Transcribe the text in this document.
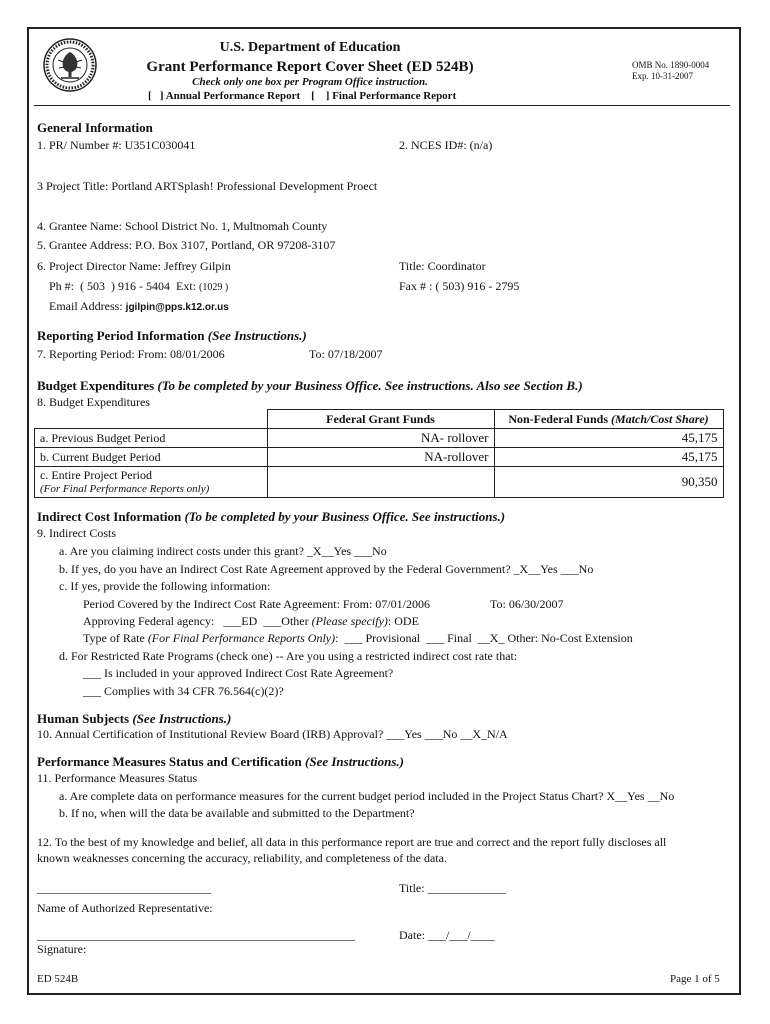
U.S. Department of Education
Grant Performance Report Cover Sheet (ED 524B)
Check only one box per Program Office instruction.
[   ] Annual Performance Report    [    ] Final Performance Report
OMB No. 1890-0004
Exp. 10-31-2007
General Information
1. PR/ Number #: U351C030041	2. NCES ID#: (n/a)
3 Project Title: Portland ARTSplash! Professional Development Proect
4. Grantee Name: School District No. 1, Multnomah County
5. Grantee Address: P.O. Box 3107, Portland, OR 97208-3107
6. Project Director Name: Jeffrey Gilpin	Title: Coordinator
Ph #:  ( 503  ) 916 - 5404  Ext: (1029 )	Fax # : ( 503) 916 - 2795
Email Address: jgilpin@pps.k12.or.us
Reporting Period Information (See Instructions.)
7. Reporting Period: From: 08/01/2006	To: 07/18/2007
Budget Expenditures (To be completed by your Business Office. See instructions. Also see Section B.)
8. Budget Expenditures
	Federal Grant Funds	Non-Federal Funds (Match/Cost Share)
a. Previous Budget Period	NA- rollover	45,175
b. Current Budget Period	NA-rollover	45,175

c. Entire Project Period
(For Final Performance Reports only)		90,350
Indirect Cost Information (To be completed by your Business Office. See instructions.)
9. Indirect Costs
a. Are you claiming indirect costs under this grant? _X__Yes ___No
b. If yes, do you have an Indirect Cost Rate Agreement approved by the Federal Government? _X__Yes ___No
c. If yes, provide the following information:
Period Covered by the Indirect Cost Rate Agreement: From: 07/01/2006	To: 06/30/2007
Approving Federal agency:   ___ED  ___Other (Please specify): ODE
Type of Rate (For Final Performance Reports Only):  ___ Provisional  ___ Final  __X_ Other: No-Cost Extension
d. For Restricted Rate Programs (check one) -- Are you using a restricted indirect cost rate that:
___ Is included in your approved Indirect Cost Rate Agreement?
___ Complies with 34 CFR 76.564(c)(2)?
Human Subjects (See Instructions.)
10. Annual Certification of Institutional Review Board (IRB) Approval? ___Yes ___No __X_N/A
Performance Measures Status and Certification (See Instructions.)
11. Performance Measures Status
a. Are complete data on performance measures for the current budget period included in the Project Status Chart? X__Yes __No
b. If no, when will the data be available and submitted to the Department?
12. To the best of my knowledge and belief, all data in this performance report are true and correct and the report fully discloses all
known weaknesses concerning the accuracy, reliability, and completeness of the data.
_____________________________	Title: _____________
Name of Authorized Representative:
_____________________________________________________	Date: ___/___/____
Signature:
ED 524B	Page 1 of 5
